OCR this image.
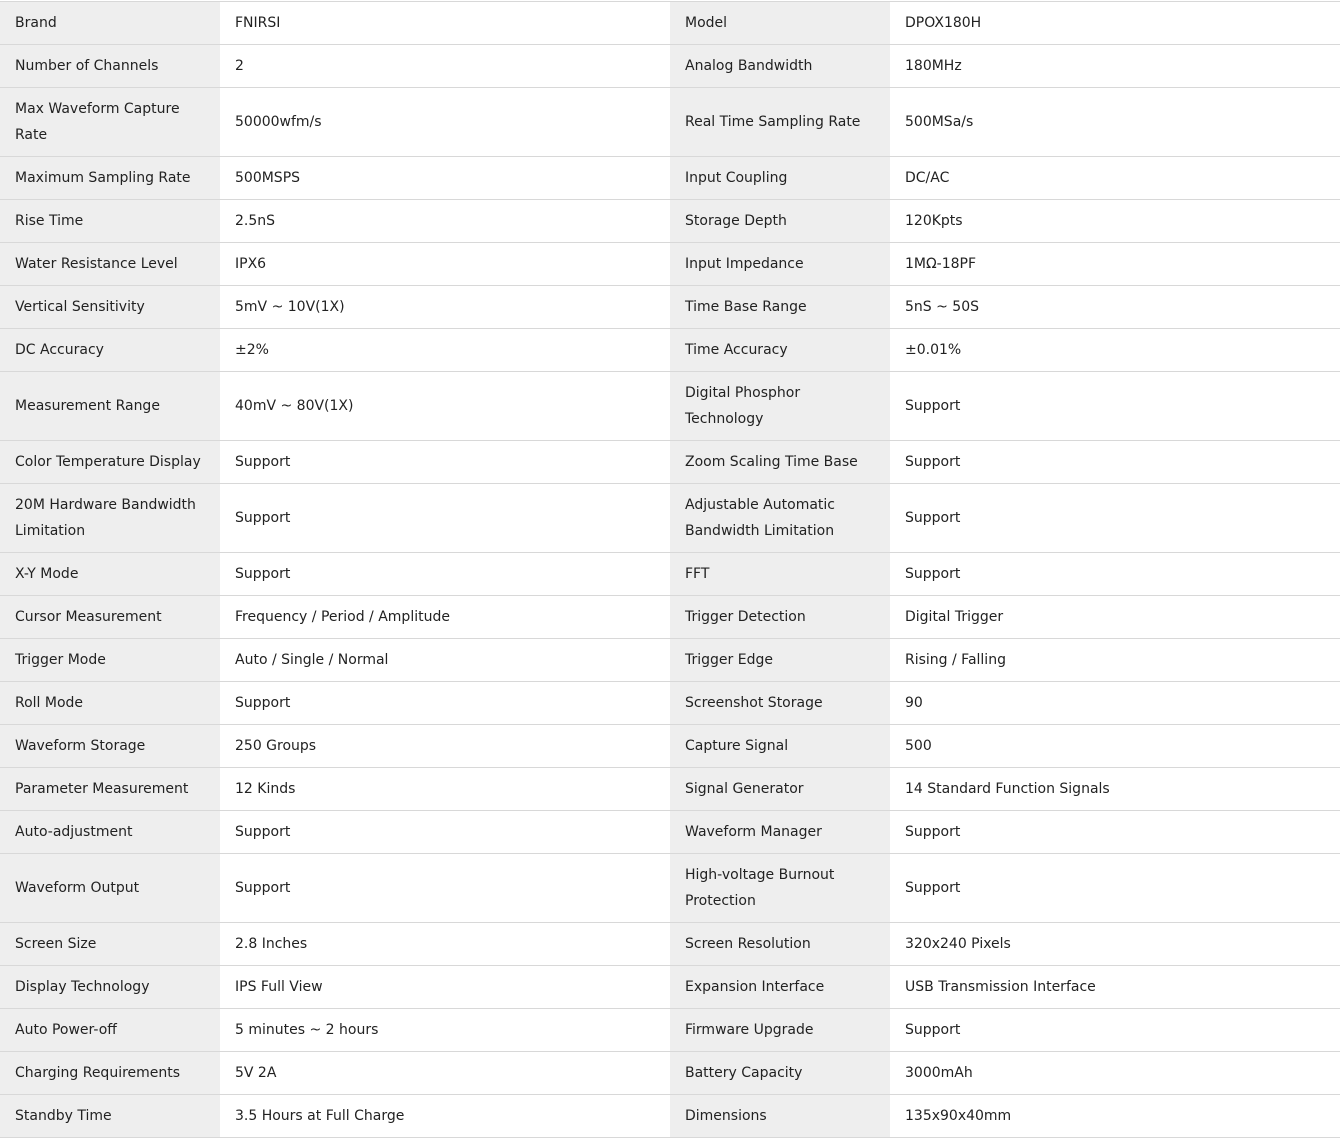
Brand	FNIRSI	Model	DPOX180H
Number of Channels	2	Analog Bandwidth	180MHz
Max Waveform Capture Rate	50000wfm/s	Real Time Sampling Rate	500MSa/s
Maximum Sampling Rate	500MSPS	Input Coupling	DC/AC
Rise Time	2.5nS	Storage Depth	120Kpts
Water Resistance Level	IPX6	Input Impedance	1MΩ-18PF
Vertical Sensitivity	5mV ~ 10V(1X)	Time Base Range	5nS ~ 50S
DC Accuracy	±2%	Time Accuracy	±0.01%
Measurement Range	40mV ~ 80V(1X)	Digital Phosphor Technology	Support
Color Temperature Display	Support	Zoom Scaling Time Base	Support
20M Hardware Bandwidth Limitation	Support	Adjustable Automatic Bandwidth Limitation	Support
X-Y Mode	Support	FFT	Support
Cursor Measurement	Frequency / Period / Amplitude	Trigger Detection	Digital Trigger
Trigger Mode	Auto / Single / Normal	Trigger Edge	Rising / Falling
Roll Mode	Support	Screenshot Storage	90
Waveform Storage	250 Groups	Capture Signal	500
Parameter Measurement	12 Kinds	Signal Generator	14 Standard Function Signals
Auto-adjustment	Support	Waveform Manager	Support
Waveform Output	Support	High-voltage Burnout Protection	Support
Screen Size	2.8 Inches	Screen Resolution	320x240 Pixels
Display Technology	IPS Full View	Expansion Interface	USB Transmission Interface
Auto Power-off	5 minutes ~ 2 hours	Firmware Upgrade	Support
Charging Requirements	5V 2A	Battery Capacity	3000mAh
Standby Time	3.5 Hours at Full Charge	Dimensions	135x90x40mm
